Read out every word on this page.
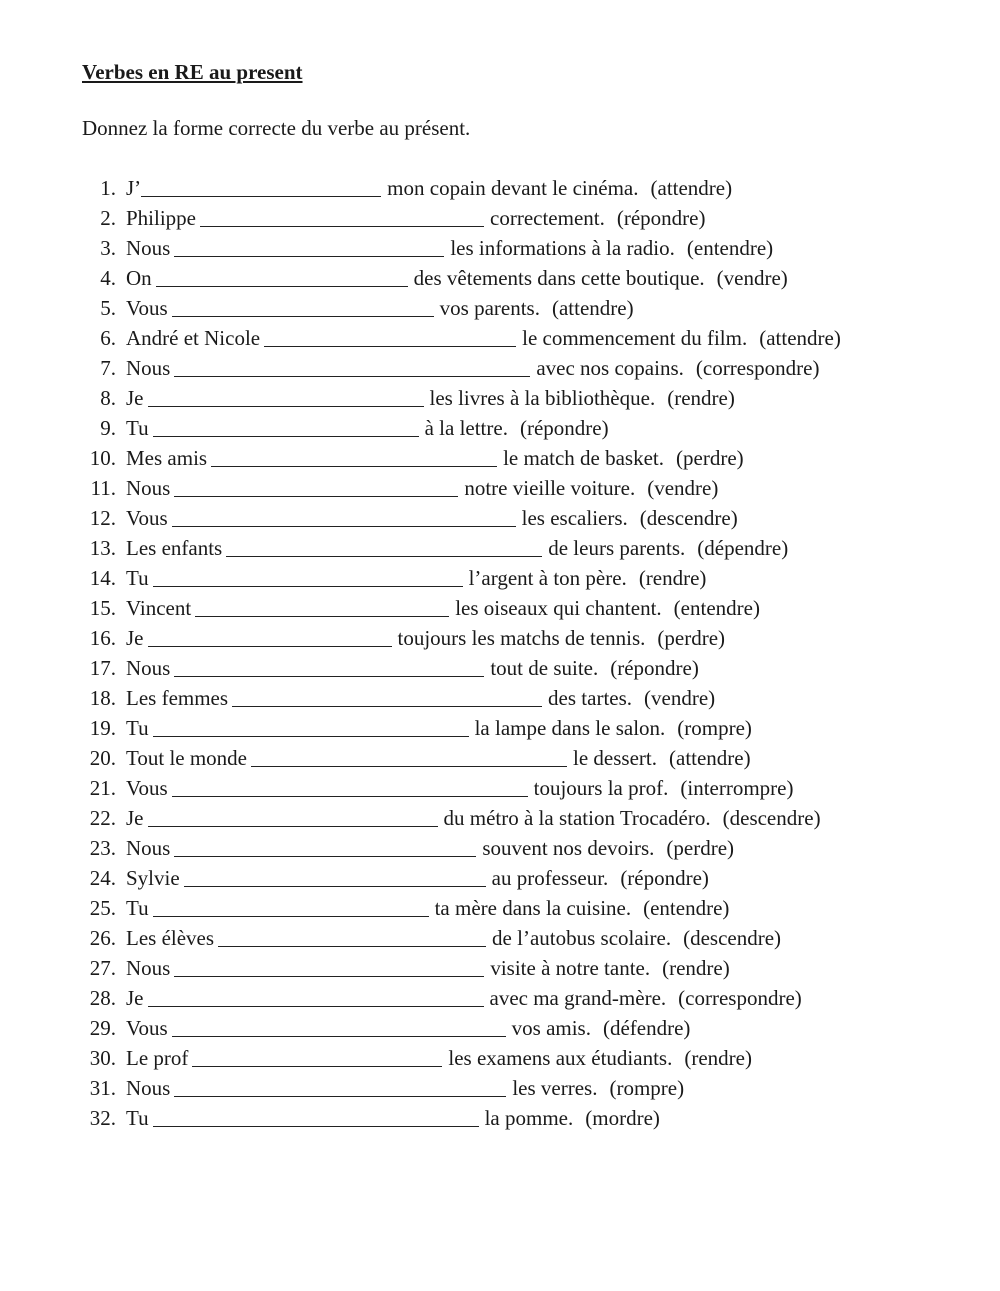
Verbes en RE au present
Donnez la forme correcte du verbe au présent.
1. J’	mon copain devant le cinéma. (attendre)
2. Philippe	correctement. (répondre)
3. Nous	les informations à la radio. (entendre)
4. On	des vêtements dans cette boutique. (vendre)
5. Vous	vos parents. (attendre)
6. André et Nicole	le commencement du film. (attendre)
7. Nous	avec nos copains. (correspondre)
8. Je	les livres à la bibliothèque. (rendre)
9. Tu	à la lettre. (répondre)
10. Mes amis	le match de basket. (perdre)
11. Nous	notre vieille voiture. (vendre)
12. Vous	les escaliers. (descendre)
13. Les enfants	de leurs parents. (dépendre)
14. Tu	l’argent à ton père. (rendre)
15. Vincent	les oiseaux qui chantent. (entendre)
16. Je	toujours les matchs de tennis. (perdre)
17. Nous	tout de suite. (répondre)
18. Les femmes	des tartes. (vendre)
19. Tu	la lampe dans le salon. (rompre)
20. Tout le monde	le dessert. (attendre)
21. Vous	toujours la prof. (interrompre)
22. Je	du métro à la station Trocadéro. (descendre)
23. Nous	souvent nos devoirs. (perdre)
24. Sylvie	au professeur. (répondre)
25. Tu	ta mère dans la cuisine. (entendre)
26. Les élèves	de l’autobus scolaire. (descendre)
27. Nous	visite à notre tante. (rendre)
28. Je	avec ma grand-mère. (correspondre)
29. Vous	vos amis. (défendre)
30. Le prof	les examens aux étudiants. (rendre)
31. Nous	les verres. (rompre)
32. Tu	la pomme. (mordre)
